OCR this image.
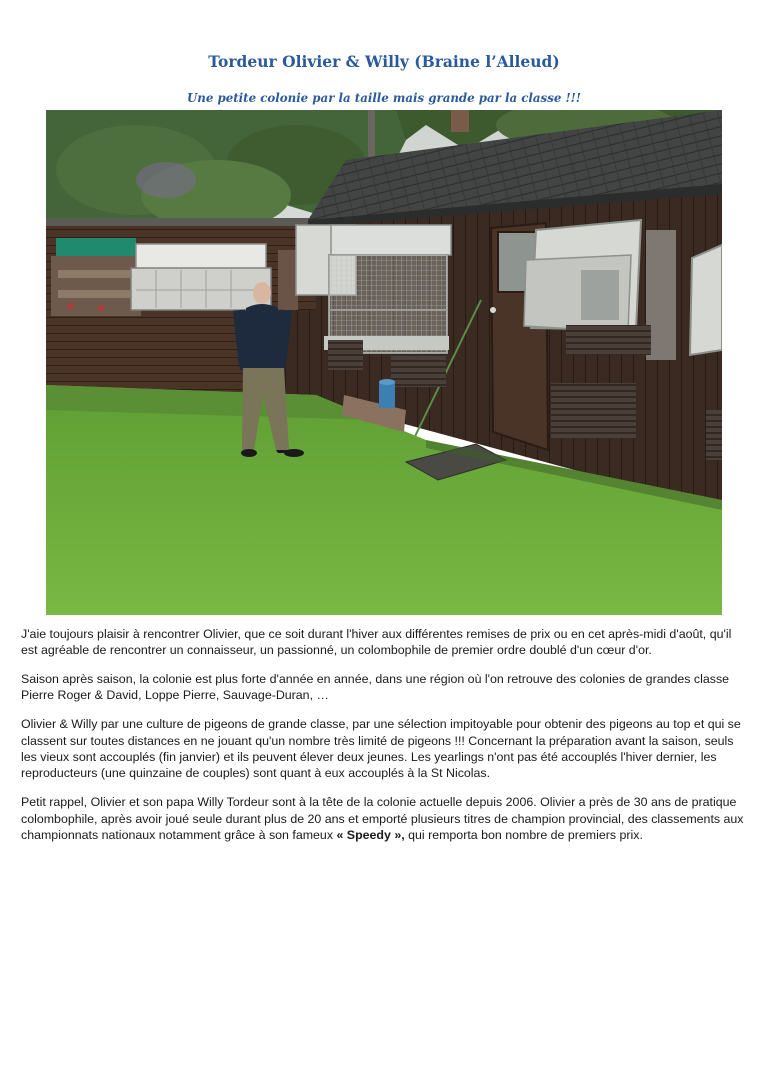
Tordeur Olivier & Willy (Braine l’Alleud)
Une petite colonie par la taille mais grande par la classe !!!

J'aie toujours plaisir à rencontrer Olivier, que ce soit durant l'hiver aux différentes remises de prix ou en cet après-midi d'août, qu'il est agréable de rencontrer un connaisseur, un passionné, un colombophile de premier ordre doublé d'un cœur d'or.

Saison après saison, la colonie est plus forte d'année en année, dans une région où l'on retrouve des colonies de grandes classe Pierre Roger & David, Loppe Pierre, Sauvage-Duran, …

Olivier & Willy par une culture de pigeons de grande classe, par une sélection impitoyable pour obtenir des pigeons au top et qui se classent sur toutes distances en ne jouant qu'un nombre très limité de pigeons !!! Concernant la préparation avant la saison, seuls les vieux sont accouplés (fin janvier) et ils peuvent élever deux jeunes. Les yearlings n'ont pas été accouplés l'hiver dernier, les reproducteurs (une quinzaine de couples) sont quant à eux accouplés à la St Nicolas.

Petit rappel, Olivier et son papa Willy Tordeur sont à la tête de la colonie actuelle depuis 2006. Olivier a près de 30 ans de pratique colombophile, après avoir joué seule durant plus de 20 ans et emporté plusieurs titres de champion provincial, des classements aux championnats nationaux notamment grâce à son fameux « Speedy », qui remporta bon nombre de premiers prix.
